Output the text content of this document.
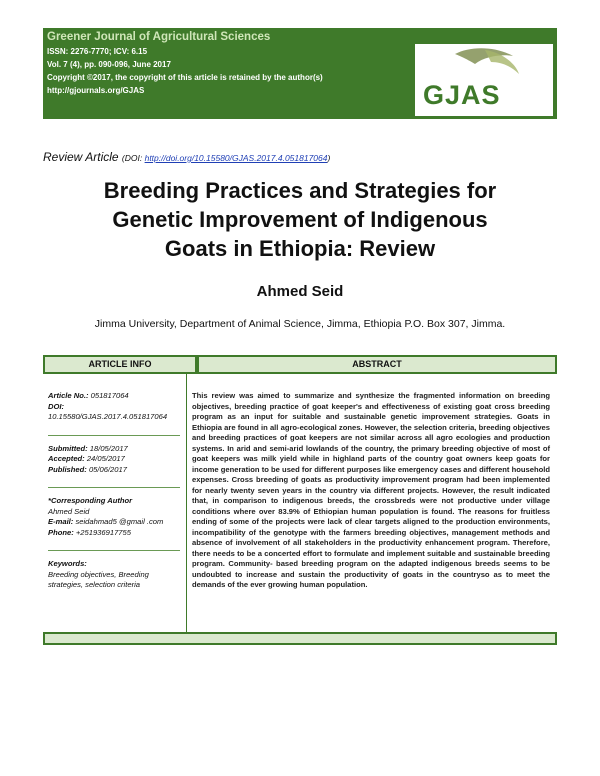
Greener Journal of Agricultural Sciences
ISSN: 2276-7770; ICV: 6.15
Vol. 7 (4), pp. 090-096, June 2017
Copyright ©2017, the copyright of this article is retained by the author(s)
http://gjournals.org/GJAS	GJAS
Review Article (DOI: http://doi.org/10.15580/GJAS.2017.4.051817064)
Breeding Practices and Strategies for
Genetic Improvement of Indigenous
Goats in Ethiopia: Review
Ahmed Seid
Jimma University, Department of Animal Science, Jimma, Ethiopia P.O. Box 307, Jimma.
ARTICLE INFO	ABSTRACT
Article No.: 051817064
DOI: 10.15580/GJAS.2017.4.051817064
Submitted: 18/05/2017
Accepted: 24/05/2017
Published: 05/06/2017
*Corresponding Author
Ahmed Seid
E-mail: seidahmad5 @gmail .com
Phone: +251936917755
Keywords:
Breeding objectives, Breeding strategies, selection criteria
This review was aimed to summarize and synthesize the fragmented information on breeding objectives, breeding practice of goat keeper's and effectiveness of existing goat cross breeding program as an input for suitable and sustainable genetic improvement strategies. Goats in Ethiopia are found in all agro-ecological zones. However, the selection criteria, breeding objectives and breeding practices of goat keepers are not similar across all agro ecologies and production systems. In arid and semi-arid lowlands of the country, the primary breeding objective of most of goat keepers was milk yield while in highland parts of the country goat owners keep goats for income generation to be used for different purposes like emergency cases and different household expenses. Cross breeding of goats as productivity improvement program had been implemented for nearly twenty seven years in the country via different projects. However, the result indicated that, in comparison to indigenous breeds, the crossbreds were not productive under village conditions where over 83.9% of Ethiopian human population is found. The reasons for fruitless ending of some of the projects were lack of clear targets aligned to the production environments, incompatibility of the genotype with the farmers breeding objectives, management methods and absence of involvement of all stakeholders in the productivity enhancement program. Therefore, there needs to be a concerted effort to formulate and implement suitable and sustainable breeding program. Community- based breeding program on the adapted indigenous breeds seems to be undoubted to increase and sustain the productivity of goats in the countryso as to meet the demands of the ever growing human population.
